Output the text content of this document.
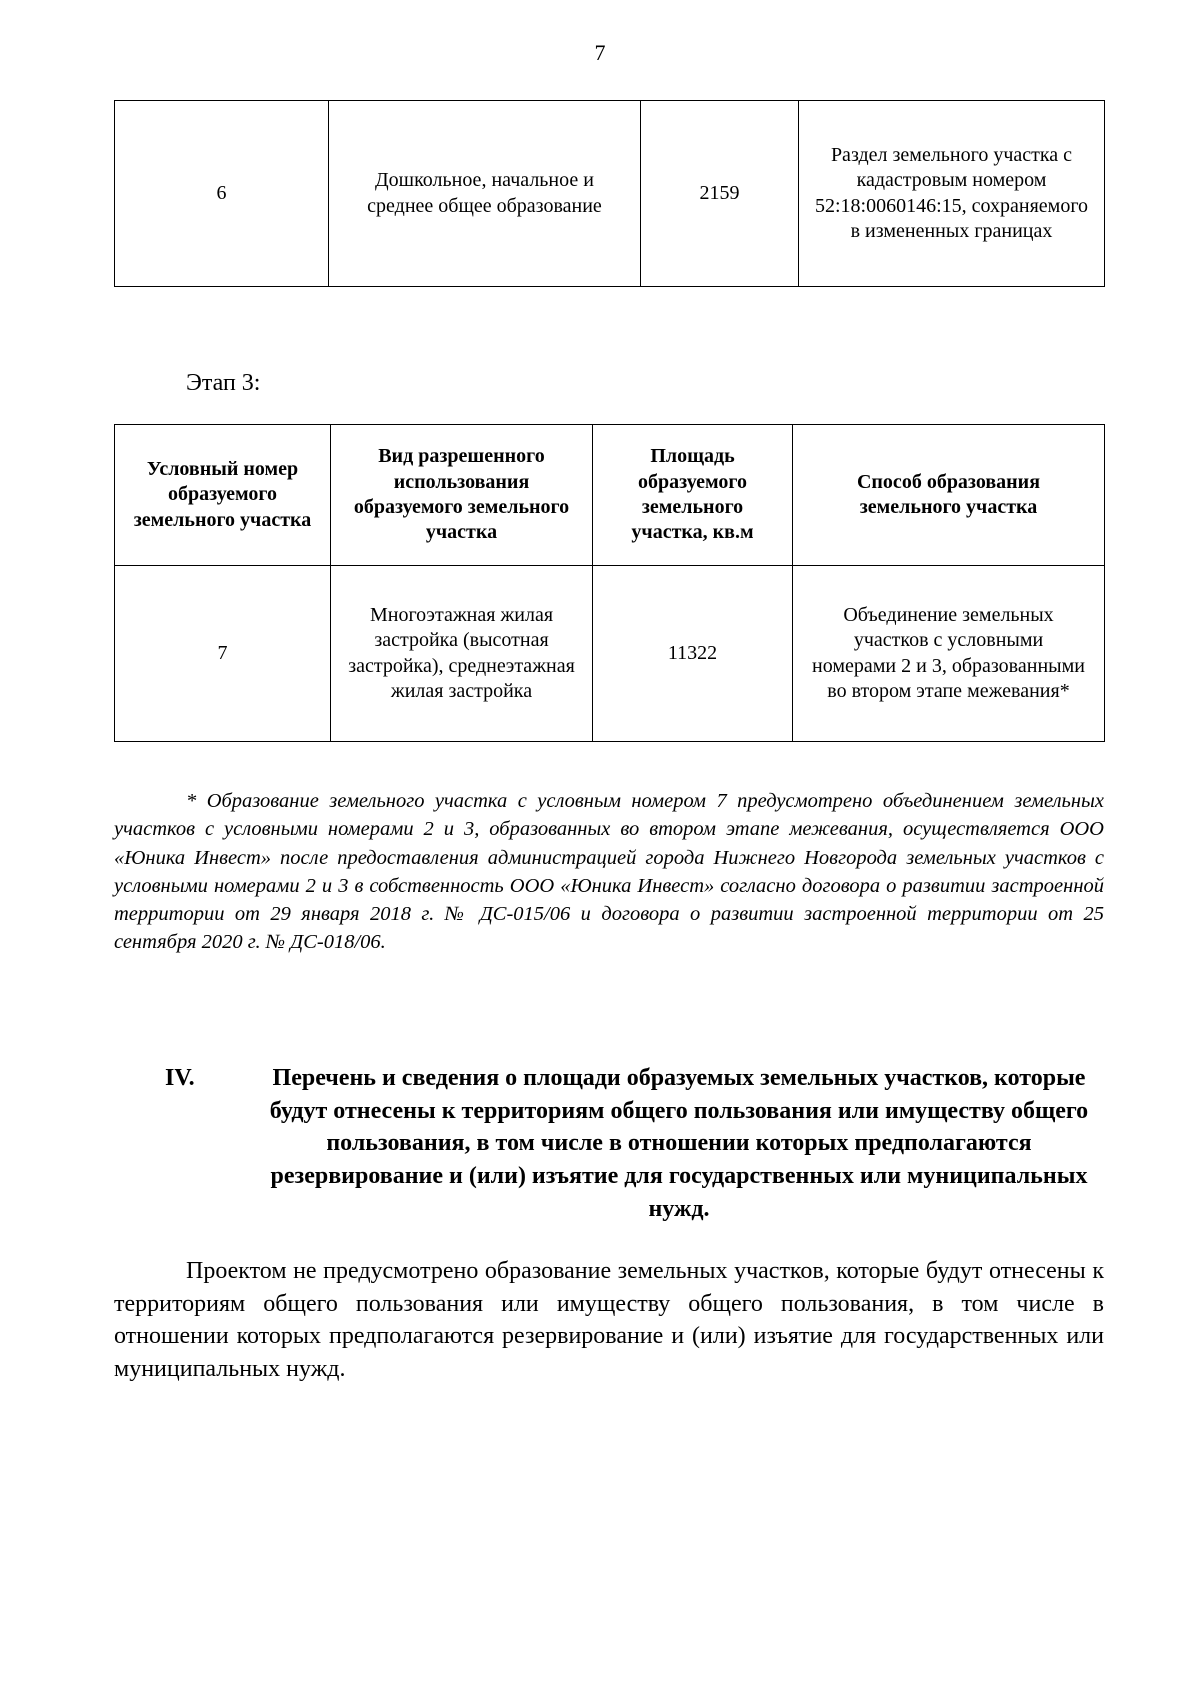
7
6	Дошкольное, начальное и среднее общее образование	2159	Раздел земельного участка с кадастровым номером 52:18:0060146:15, сохраняемого в измененных границах
Этап 3:
Условный номер образуемого земельного участка	Вид разрешенного использования образуемого земельного участка	Площадь образуемого земельного участка, кв.м	Способ образования земельного участка
7	Многоэтажная жилая застройка (высотная застройка), среднеэтажная жилая застройка	11322	Объединение земельных участков с условными номерами 2 и 3, образованными во втором этапе межевания*

* Образование земельного участка с условным номером 7 предусмотрено объединением земельных участков с условными номерами 2 и 3, образованных во втором этапе межевания, осуществляется ООО «Юника Инвест» после предоставления администрацией города Нижнего Новгорода земельных участков с условными номерами 2 и 3 в собственность ООО «Юника Инвест» согласно договора о развитии застроенной территории от 29 января 2018 г. № ДС-015/06 и договора о развитии застроенной территории от 25 сентября 2020 г. № ДС-018/06.

IV.	Перечень и сведения о площади образуемых земельных участков, которые будут отнесены к территориям общего пользования или имуществу общего пользования, в том числе в отношении которых предполагаются резервирование и (или) изъятие для государственных или муниципальных нужд.

Проектом не предусмотрено образование земельных участков, которые будут отнесены к территориям общего пользования или имуществу общего пользования, в том числе в отношении которых предполагаются резервирование и (или) изъятие для государственных или муниципальных нужд.
